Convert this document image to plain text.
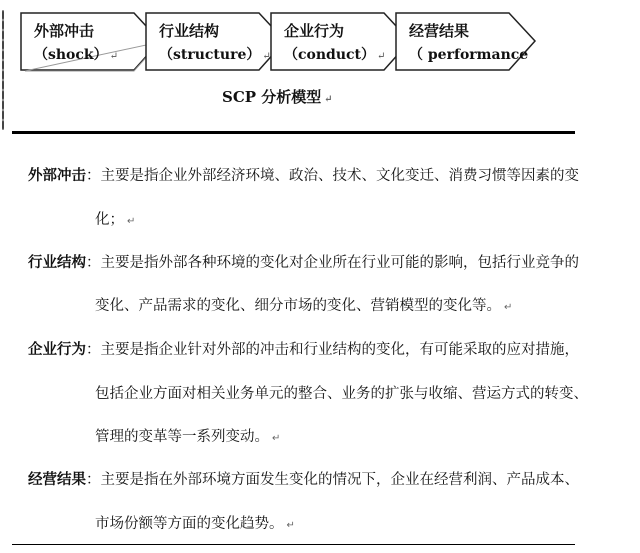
外部冲击
（shock） ↵
行业结构
（structure） ↵
企业行为
（conduct） ↵
经营结果
（ performance
SCP 分析模型 ↵
外部冲击：主要是指企业外部经济环境、政治、技术、文化变迁、消费习惯等因素的变
化； ↵
行业结构：主要是指外部各种环境的变化对企业所在行业可能的影响，包括行业竞争的
变化、产品需求的变化、细分市场的变化、营销模型的变化等。 ↵
企业行为：主要是指企业针对外部的冲击和行业结构的变化，有可能采取的应对措施，
包括企业方面对相关业务单元的整合、业务的扩张与收缩、营运方式的转变、
管理的变革等一系列变动。 ↵
经营结果：主要是指在外部环境方面发生变化的情况下，企业在经营利润、产品成本、
市场份额等方面的变化趋势。 ↵
